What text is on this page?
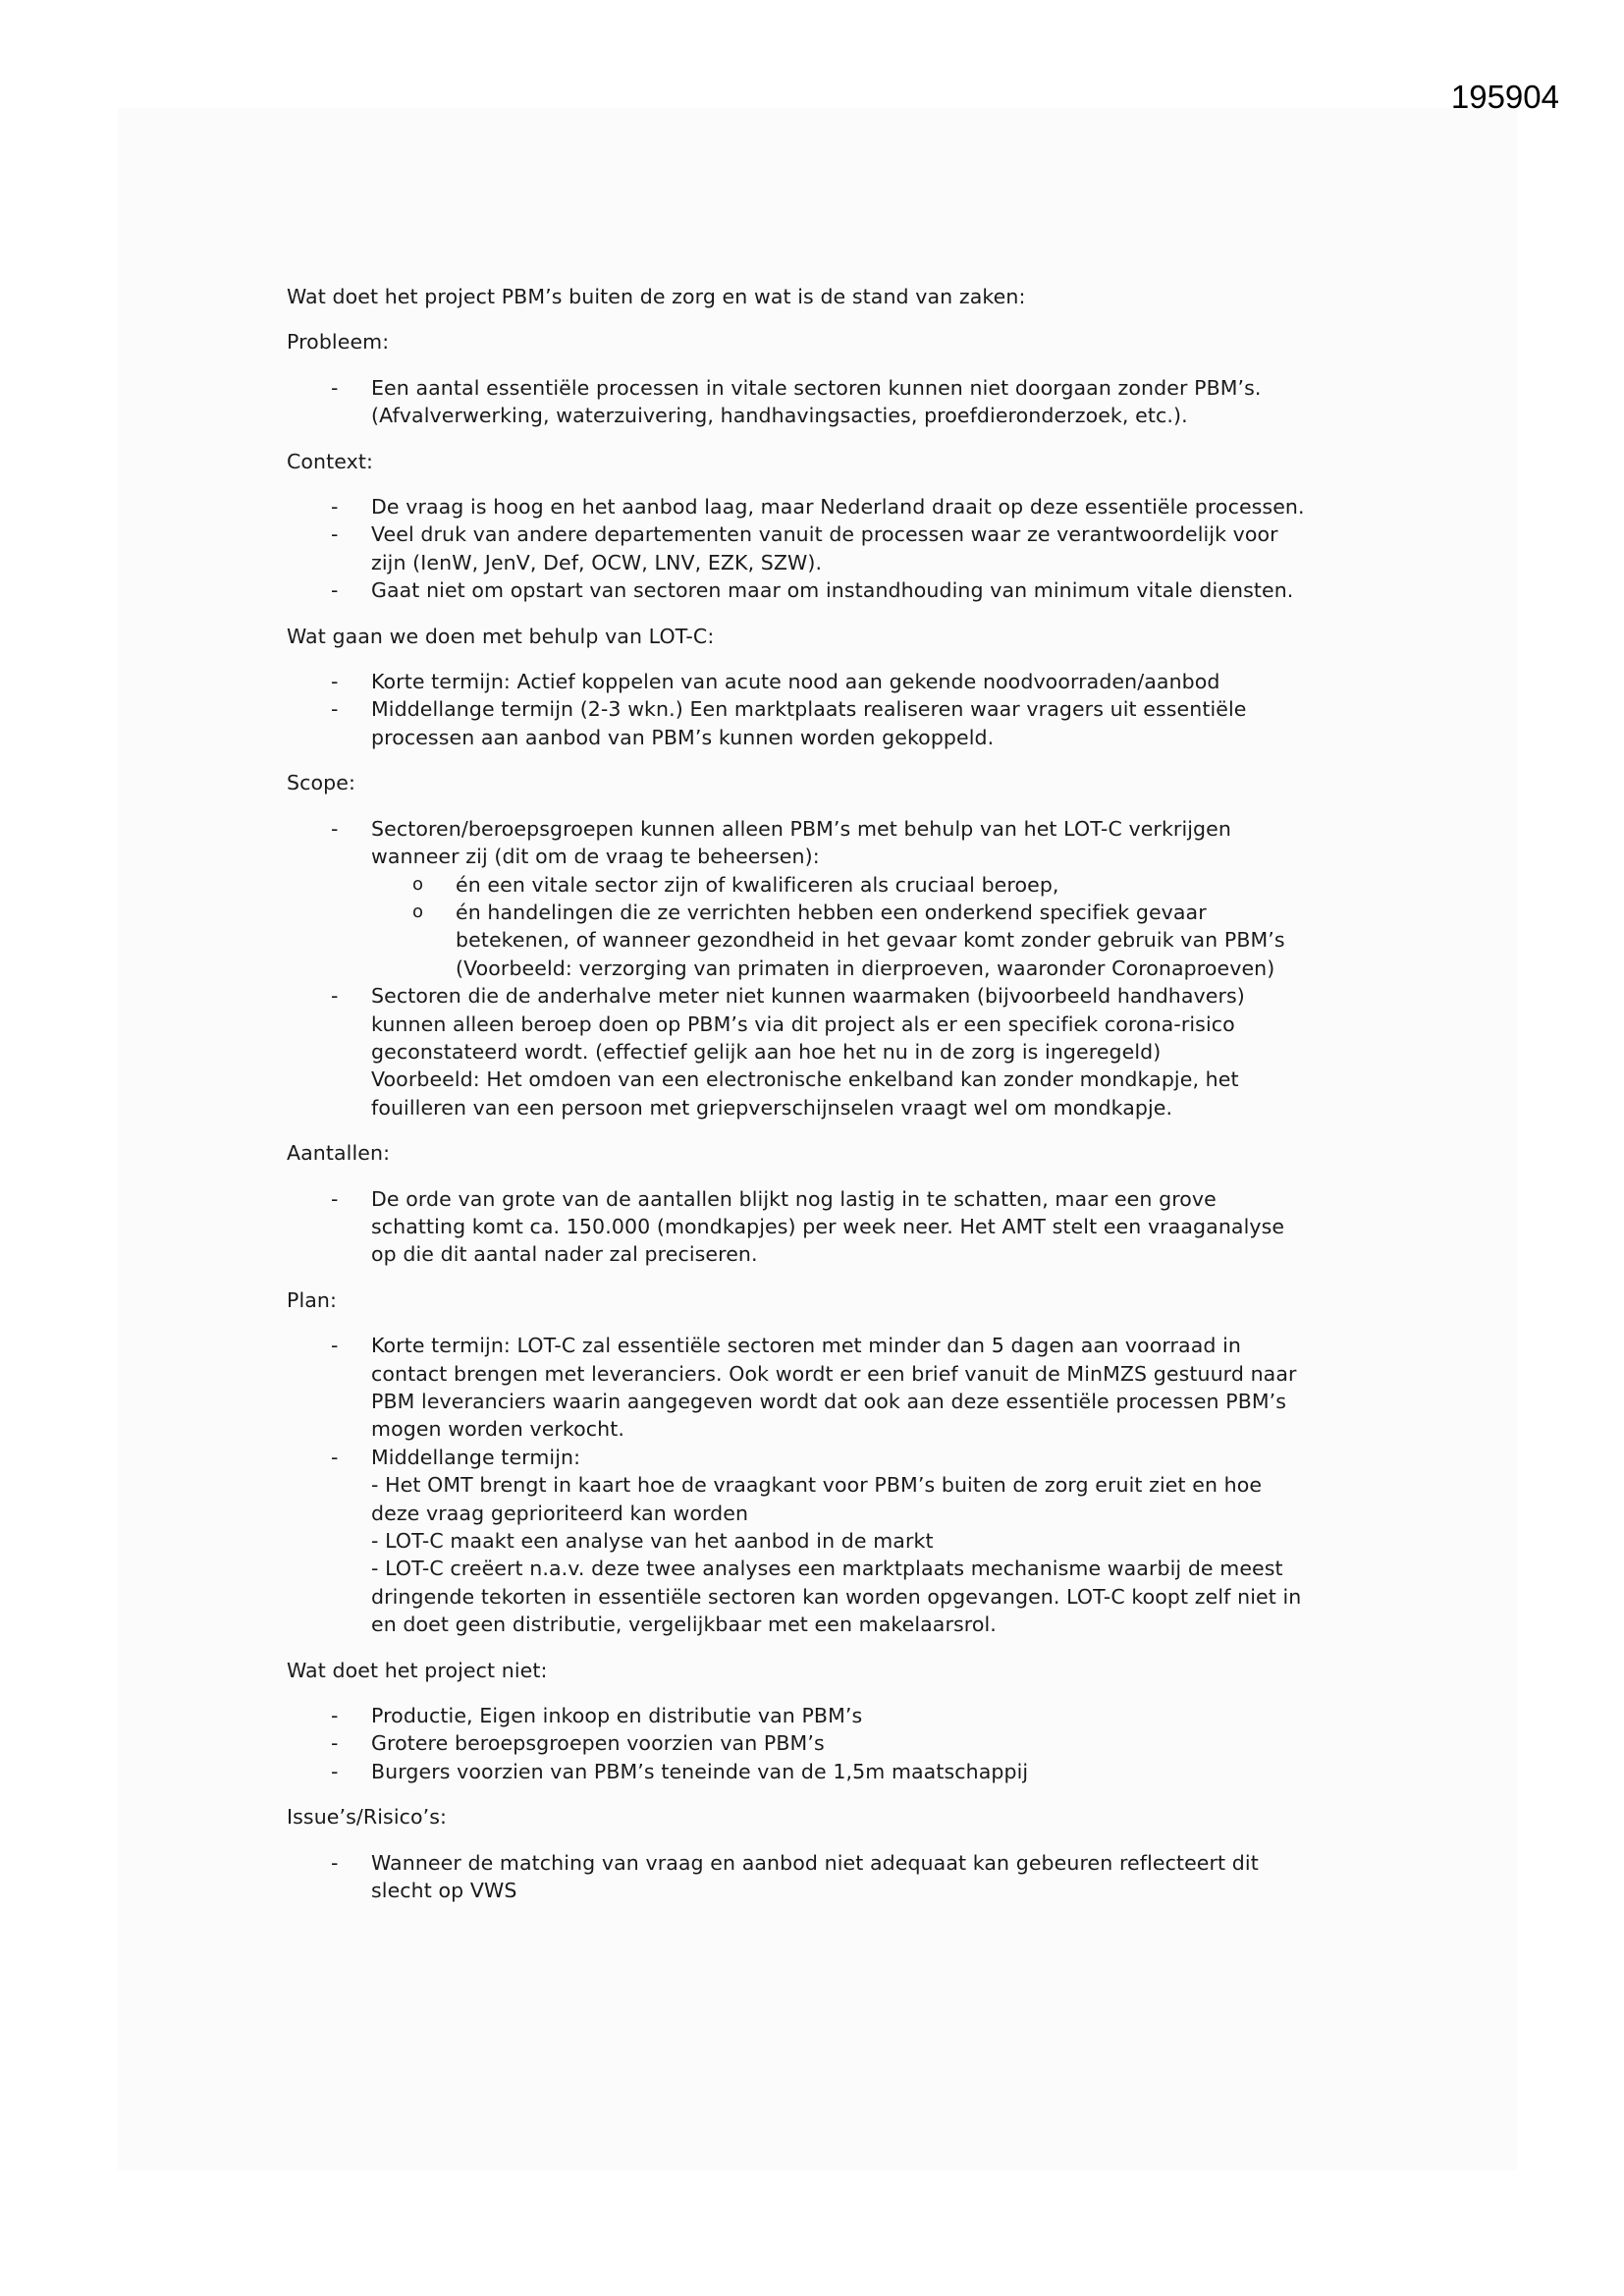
195904
Wat doet het project PBM’s buiten de zorg en wat is de stand van zaken:
Probleem:
- Een aantal essentiële processen in vitale sectoren kunnen niet doorgaan zonder PBM’s.
(Afvalverwerking, waterzuivering, handhavingsacties, proefdieronderzoek, etc.).
Context:
- De vraag is hoog en het aanbod laag, maar Nederland draait op deze essentiële processen.
- Veel druk van andere departementen vanuit de processen waar ze verantwoordelijk voor
zijn (IenW, JenV, Def, OCW, LNV, EZK, SZW).
- Gaat niet om opstart van sectoren maar om instandhouding van minimum vitale diensten.
Wat gaan we doen met behulp van LOT-C:
- Korte termijn: Actief koppelen van acute nood aan gekende noodvoorraden/aanbod
- Middellange termijn (2-3 wkn.) Een marktplaats realiseren waar vragers uit essentiële
processen aan aanbod van PBM’s kunnen worden gekoppeld.
Scope:
- Sectoren/beroepsgroepen kunnen alleen PBM’s met behulp van het LOT-C verkrijgen
wanneer zij (dit om de vraag te beheersen):
o én een vitale sector zijn of kwalificeren als cruciaal beroep,
o én handelingen die ze verrichten hebben een onderkend specifiek gevaar
betekenen, of wanneer gezondheid in het gevaar komt zonder gebruik van PBM’s
(Voorbeeld: verzorging van primaten in dierproeven, waaronder Coronaproeven)
- Sectoren die de anderhalve meter niet kunnen waarmaken (bijvoorbeeld handhavers)
kunnen alleen beroep doen op PBM’s via dit project als er een specifiek corona-risico
geconstateerd wordt. (effectief gelijk aan hoe het nu in de zorg is ingeregeld)
Voorbeeld: Het omdoen van een electronische enkelband kan zonder mondkapje, het
fouilleren van een persoon met griepverschijnselen vraagt wel om mondkapje.
Aantallen:
- De orde van grote van de aantallen blijkt nog lastig in te schatten, maar een grove
schatting komt ca. 150.000 (mondkapjes) per week neer. Het AMT stelt een vraaganalyse
op die dit aantal nader zal preciseren.
Plan:
- Korte termijn: LOT-C zal essentiële sectoren met minder dan 5 dagen aan voorraad in
contact brengen met leveranciers. Ook wordt er een brief vanuit de MinMZS gestuurd naar
PBM leveranciers waarin aangegeven wordt dat ook aan deze essentiële processen PBM’s
mogen worden verkocht.
- Middellange termijn:
- Het OMT brengt in kaart hoe de vraagkant voor PBM’s buiten de zorg eruit ziet en hoe
deze vraag geprioriteerd kan worden
- LOT-C maakt een analyse van het aanbod in de markt
- LOT-C creëert n.a.v. deze twee analyses een marktplaats mechanisme waarbij de meest
dringende tekorten in essentiële sectoren kan worden opgevangen. LOT-C koopt zelf niet in
en doet geen distributie, vergelijkbaar met een makelaarsrol.
Wat doet het project niet:
- Productie, Eigen inkoop en distributie van PBM’s
- Grotere beroepsgroepen voorzien van PBM’s
- Burgers voorzien van PBM’s teneinde van de 1,5m maatschappij
Issue’s/Risico’s:
- Wanneer de matching van vraag en aanbod niet adequaat kan gebeuren reflecteert dit
slecht op VWS
